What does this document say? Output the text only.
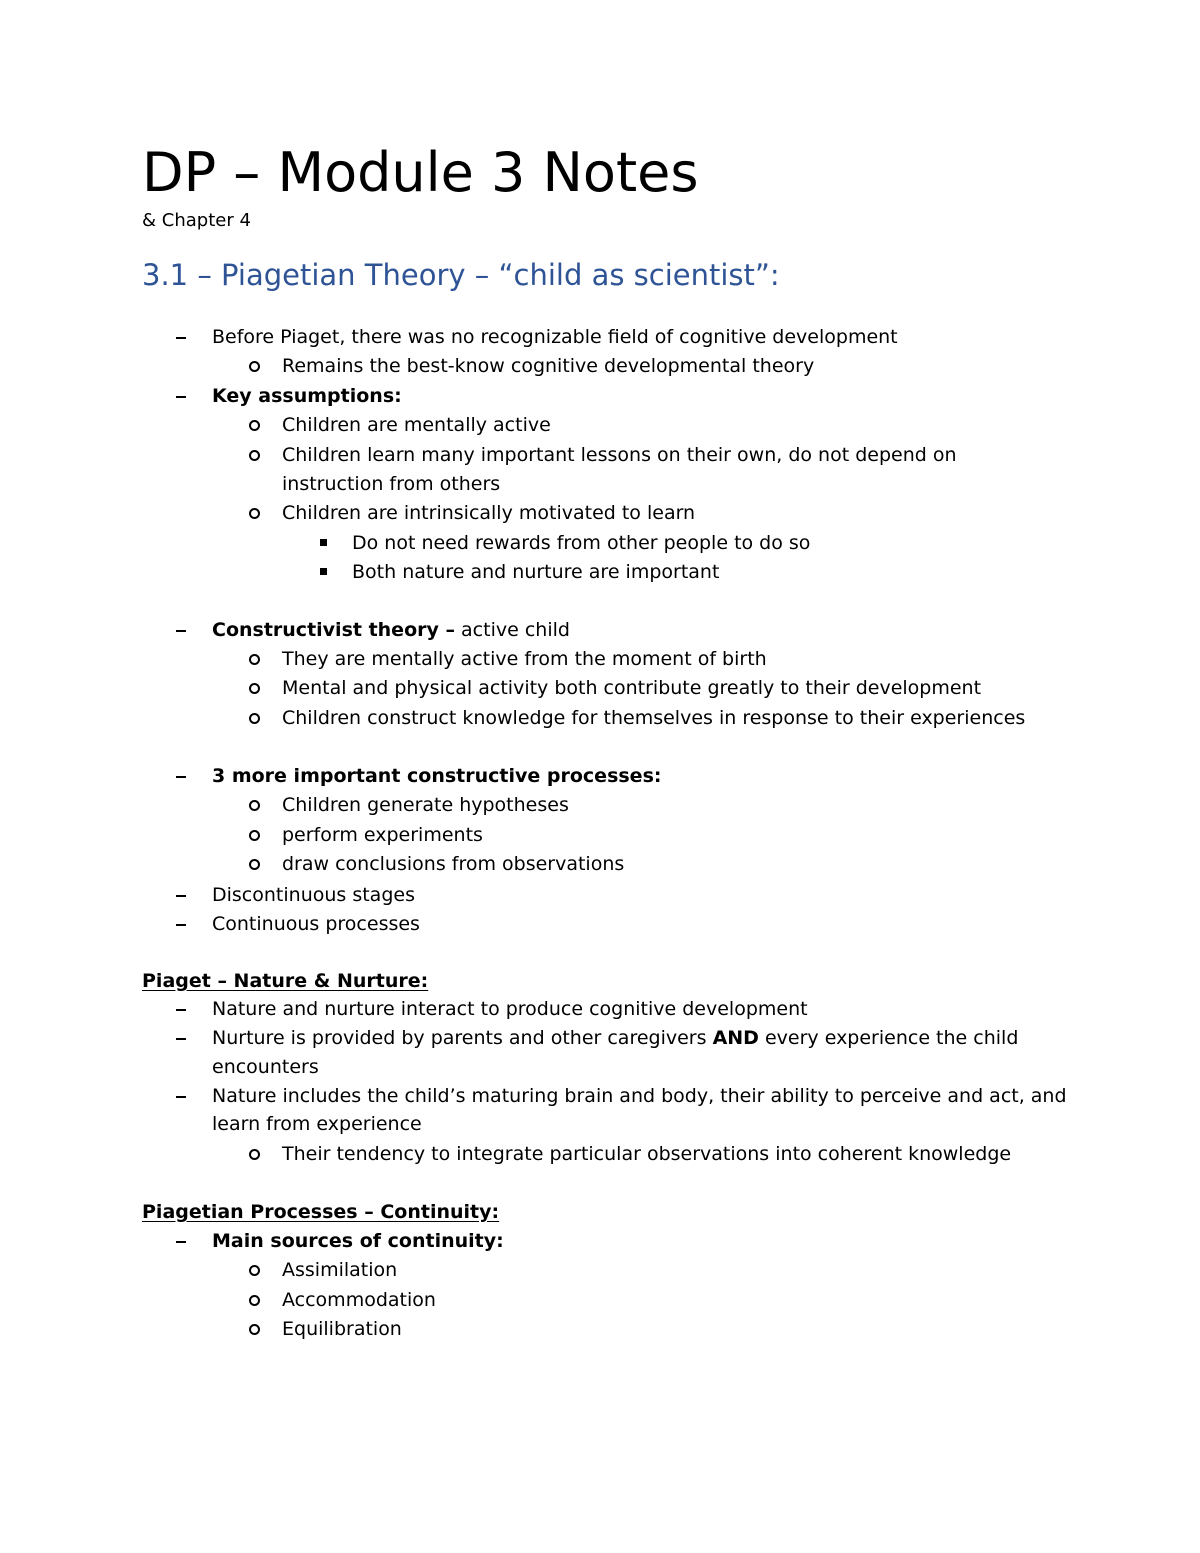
DP – Module 3 Notes
& Chapter 4
3.1 – Piagetian Theory – “child as scientist”:
Before Piaget, there was no recognizable field of cognitive development
Remains the best-know cognitive developmental theory
Key assumptions:
Children are mentally active
Children learn many important lessons on their own, do not depend on
instruction from others
Children are intrinsically motivated to learn
Do not need rewards from other people to do so
Both nature and nurture are important
Constructivist theory – active child
They are mentally active from the moment of birth
Mental and physical activity both contribute greatly to their development
Children construct knowledge for themselves in response to their experiences
3 more important constructive processes:
Children generate hypotheses
perform experiments
draw conclusions from observations
Discontinuous stages
Continuous processes
Piaget – Nature & Nurture:
Nature and nurture interact to produce cognitive development
Nurture is provided by parents and other caregivers AND every experience the child
encounters
Nature includes the child’s maturing brain and body, their ability to perceive and act, and
learn from experience
Their tendency to integrate particular observations into coherent knowledge
Piagetian Processes – Continuity:
Main sources of continuity:
Assimilation
Accommodation
Equilibration
